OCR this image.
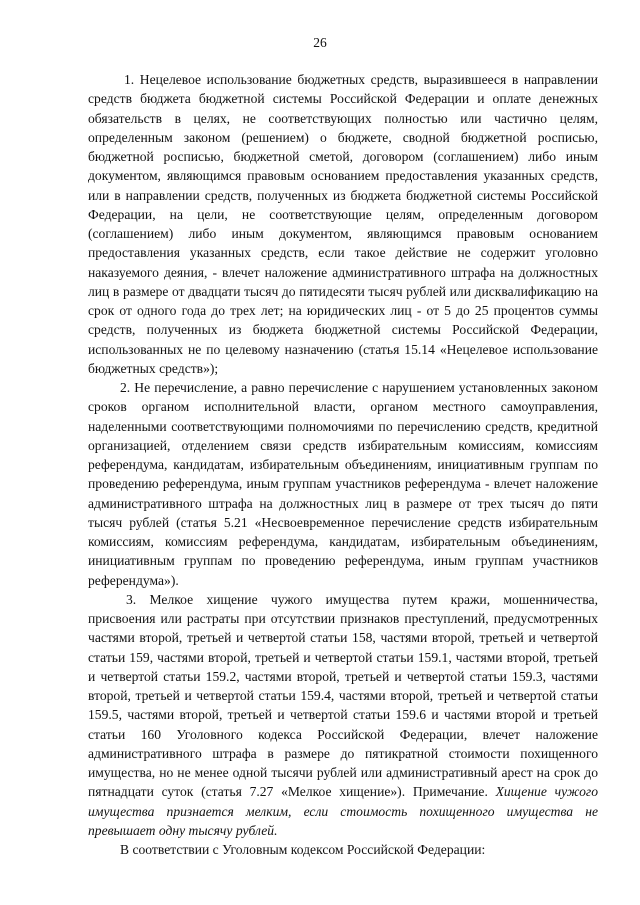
26

1. Нецелевое использование бюджетных средств, выразившееся в направлении средств бюджета бюджетной системы Российской Федерации и оплате денежных обязательств в целях, не соответствующих полностью или частично целям, определенным законом (решением) о бюджете, сводной бюджетной росписью, бюджетной росписью, бюджетной сметой, договором (соглашением) либо иным документом, являющимся правовым основанием предоставления указанных средств, или в направлении средств, полученных из бюджета бюджетной системы Российской Федерации, на цели, не соответствующие целям, определенным договором (соглашением) либо иным документом, являющимся правовым основанием предоставления указанных средств, если такое действие не содержит уголовно наказуемого деяния, - влечет наложение административного штрафа на должностных лиц в размере от двадцати тысяч до пятидесяти тысяч рублей или дисквалификацию на срок от одного года до трех лет; на юридических лиц - от 5 до 25 процентов суммы средств, полученных из бюджета бюджетной системы Российской Федерации, использованных не по целевому назначению (статья 15.14 «Нецелевое использование бюджетных средств»);

2. Не перечисление, а равно перечисление с нарушением установленных законом сроков органом исполнительной власти, органом местного самоуправления, наделенными соответствующими полномочиями по перечислению средств, кредитной организацией, отделением связи средств избирательным комиссиям, комиссиям референдума, кандидатам, избирательным объединениям, инициативным группам по проведению референдума, иным группам участников референдума - влечет наложение административного штрафа на должностных лиц в размере от трех тысяч до пяти тысяч рублей (статья 5.21 «Несвоевременное перечисление средств избирательным комиссиям, комиссиям референдума, кандидатам, избирательным объединениям, инициативным группам по проведению референдума, иным группам участников референдума»).

3. Мелкое хищение чужого имущества путем кражи, мошенничества, присвоения или растраты при отсутствии признаков преступлений, предусмотренных частями второй, третьей и четвертой статьи 158, частями второй, третьей и четвертой статьи 159, частями второй, третьей и четвертой статьи 159.1, частями второй, третьей и четвертой статьи 159.2, частями второй, третьей и четвертой статьи 159.3, частями второй, третьей и четвертой статьи 159.4, частями второй, третьей и четвертой статьи 159.5, частями второй, третьей и четвертой статьи 159.6 и частями второй и третьей статьи 160 Уголовного кодекса Российской Федерации, влечет наложение административного штрафа в размере до пятикратной стоимости похищенного имущества, но не менее одной тысячи рублей или административный арест на срок до пятнадцати суток (статья 7.27 «Мелкое хищение»). Примечание. Хищение чужого имущества признается мелким, если стоимость похищенного имущества не превышает одну тысячу рублей.

В соответствии с Уголовным кодексом Российской Федерации:
